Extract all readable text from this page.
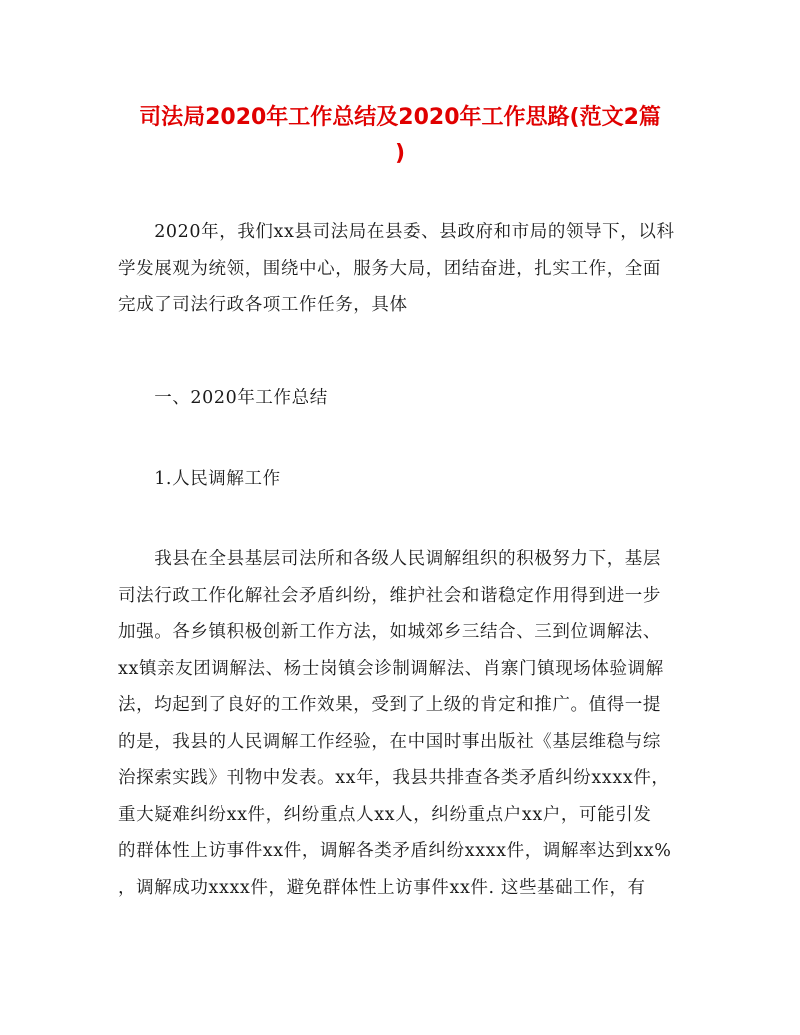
司法局2020年工作总结及2020年工作思路(范文2篇
)
　　2020年，我们xx县司法局在县委、县政府和市局的领导下，以科
学发展观为统领，围绕中心，服务大局，团结奋进，扎实工作，全面
完成了司法行政各项工作任务，具体
　　一、2020年工作总结
　　1.人民调解工作
　　我县在全县基层司法所和各级人民调解组织的积极努力下，基层
司法行政工作化解社会矛盾纠纷，维护社会和谐稳定作用得到进一步
加强。各乡镇积极创新工作方法，如城郊乡三结合、三到位调解法、
xx镇亲友团调解法、杨士岗镇会诊制调解法、肖寨门镇现场体验调解
法，均起到了良好的工作效果，受到了上级的肯定和推广。值得一提
的是，我县的人民调解工作经验，在中国时事出版社《基层维稳与综
治探索实践》刊物中发表。xx年，我县共排查各类矛盾纠纷xxxx件，
重大疑难纠纷xx件，纠纷重点人xx人，纠纷重点户xx户，可能引发
的群体性上访事件xx件，调解各类矛盾纠纷xxxx件，调解率达到xx%
，调解成功xxxx件，避免群体性上访事件xx件. 这些基础工作，有
